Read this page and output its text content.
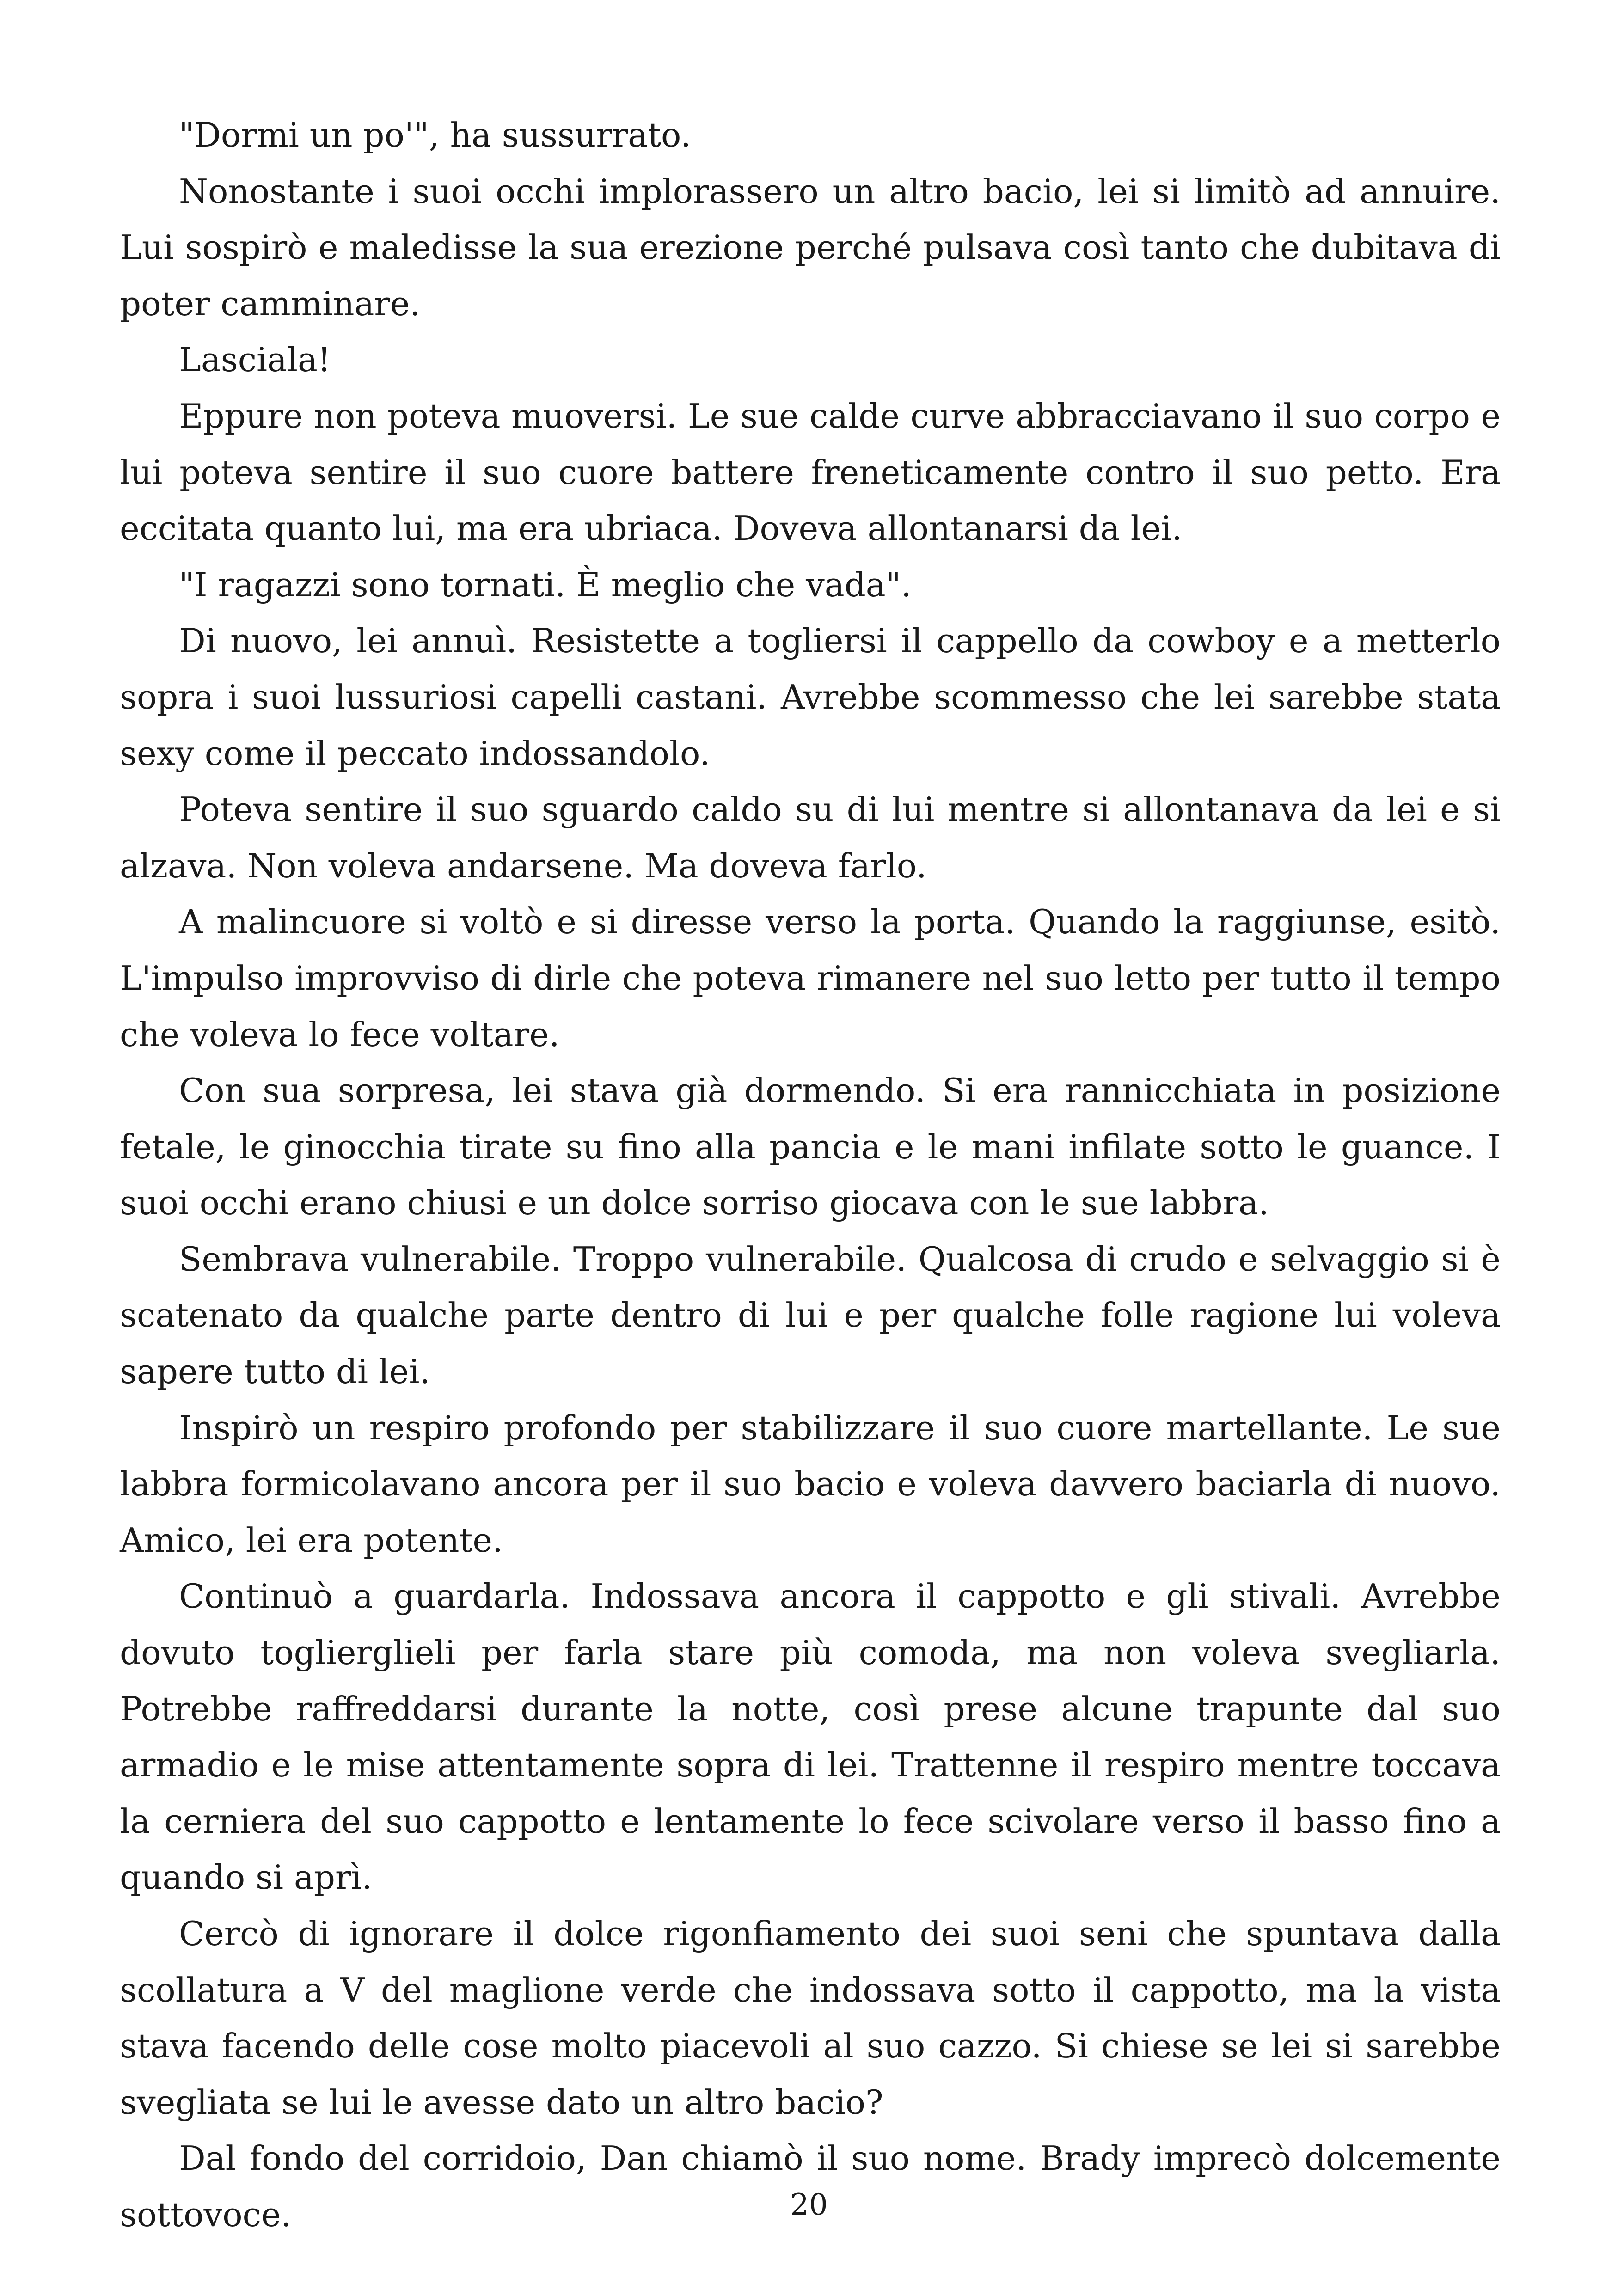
"Dormi un po'", ha sussurrato.

Nonostante i suoi occhi implorassero un altro bacio, lei si limitò ad annuire. Lui sospirò e maledisse la sua erezione perché pulsava così tanto che dubitava di poter camminare.

Lasciala!

Eppure non poteva muoversi. Le sue calde curve abbracciavano il suo corpo e lui poteva sentire il suo cuore battere freneticamente contro il suo petto. Era eccitata quanto lui, ma era ubriaca. Doveva allontanarsi da lei.

"I ragazzi sono tornati. È meglio che vada".

Di nuovo, lei annuì. Resistette a togliersi il cappello da cowboy e a metterlo sopra i suoi lussuriosi capelli castani. Avrebbe scommesso che lei sarebbe stata sexy come il peccato indossandolo.

Poteva sentire il suo sguardo caldo su di lui mentre si allontanava da lei e si alzava. Non voleva andarsene. Ma doveva farlo.

A malincuore si voltò e si diresse verso la porta. Quando la raggiunse, esitò. L'impulso improvviso di dirle che poteva rimanere nel suo letto per tutto il tempo che voleva lo fece voltare.

Con sua sorpresa, lei stava già dormendo. Si era rannicchiata in posizione fetale, le ginocchia tirate su fino alla pancia e le mani infilate sotto le guance. I suoi occhi erano chiusi e un dolce sorriso giocava con le sue labbra.

Sembrava vulnerabile. Troppo vulnerabile. Qualcosa di crudo e selvaggio si è scatenato da qualche parte dentro di lui e per qualche folle ragione lui voleva sapere tutto di lei.

Inspirò un respiro profondo per stabilizzare il suo cuore martellante. Le sue labbra formicolavano ancora per il suo bacio e voleva davvero baciarla di nuovo. Amico, lei era potente.

Continuò a guardarla. Indossava ancora il cappotto e gli stivali. Avrebbe dovuto toglierglieli per farla stare più comoda, ma non voleva svegliarla. Potrebbe raffreddarsi durante la notte, così prese alcune trapunte dal suo armadio e le mise attentamente sopra di lei. Trattenne il respiro mentre toccava la cerniera del suo cappotto e lentamente lo fece scivolare verso il basso fino a quando si aprì.

Cercò di ignorare il dolce rigonfiamento dei suoi seni che spuntava dalla scollatura a V del maglione verde che indossava sotto il cappotto, ma la vista stava facendo delle cose molto piacevoli al suo cazzo. Si chiese se lei si sarebbe svegliata se lui le avesse dato un altro bacio?

Dal fondo del corridoio, Dan chiamò il suo nome. Brady imprecò dolcemente sottovoce.	20
